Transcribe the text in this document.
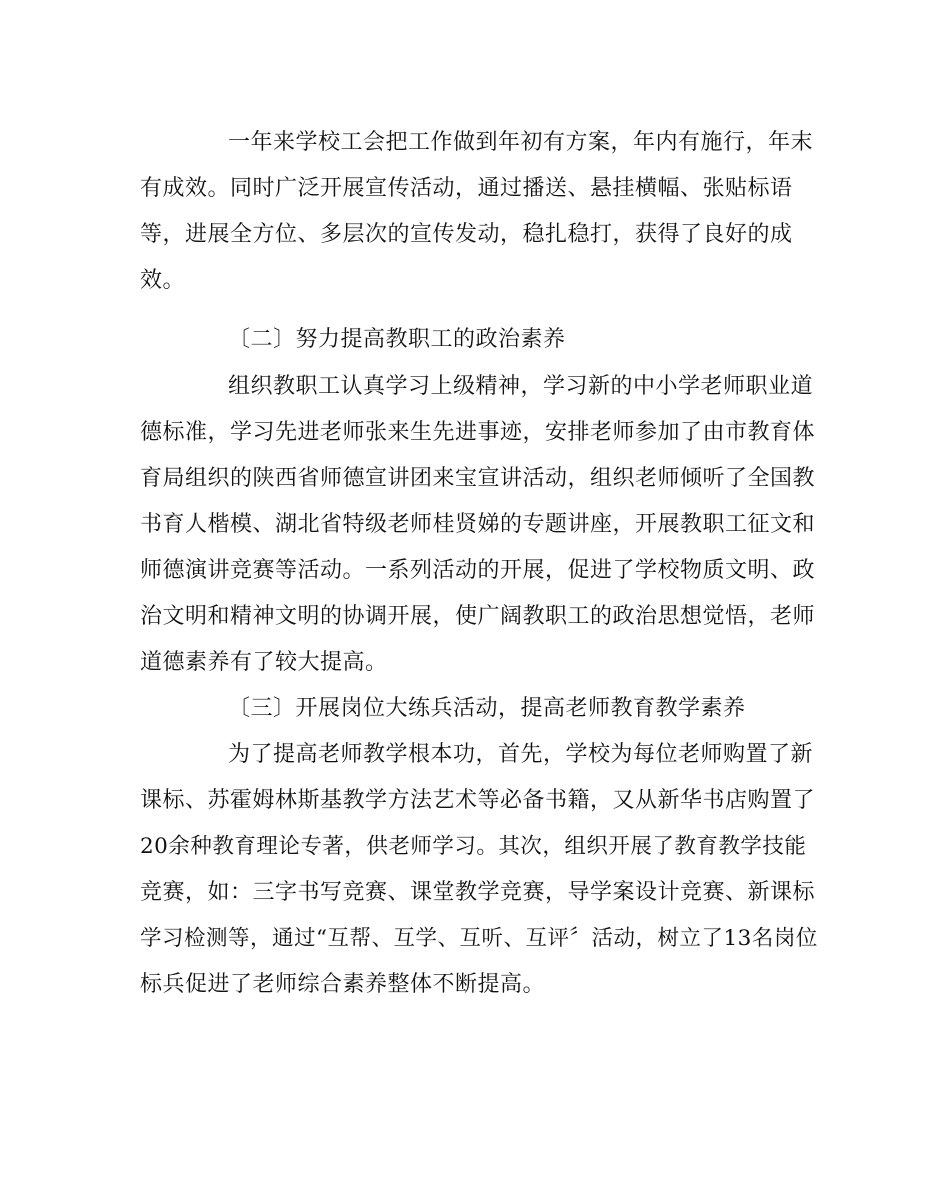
一年来学校工会把工作做到年初有方案，年内有施行，年末
有成效。同时广泛开展宣传活动，通过播送、悬挂横幅、张贴标语
等，进展全方位、多层次的宣传发动，稳扎稳打，获得了良好的成
效。
〔二〕努力提高教职工的政治素养
组织教职工认真学习上级精神，学习新的中小学老师职业道
德标准，学习先进老师张来生先进事迹，安排老师参加了由市教育体
育局组织的陕西省师德宣讲团来宝宣讲活动，组织老师倾听了全国教
书育人楷模、湖北省特级老师桂贤娣的专题讲座，开展教职工征文和
师德演讲竞赛等活动。一系列活动的开展，促进了学校物质文明、政
治文明和精神文明的协调开展，使广阔教职工的政治思想觉悟，老师
道德素养有了较大提高。
〔三〕开展岗位大练兵活动，提高老师教育教学素养
为了提高老师教学根本功，首先，学校为每位老师购置了新
课标、苏霍姆林斯基教学方法艺术等必备书籍，又从新华书店购置了
20余种教育理论专著，供老师学习。其次，组织开展了教育教学技能
竞赛，如：三字书写竞赛、课堂教学竞赛，导学案设计竞赛、新课标
学习检测等，通过“互帮、互学、互听、互评〞活动，树立了13名岗位
标兵促进了老师综合素养整体不断提高。
